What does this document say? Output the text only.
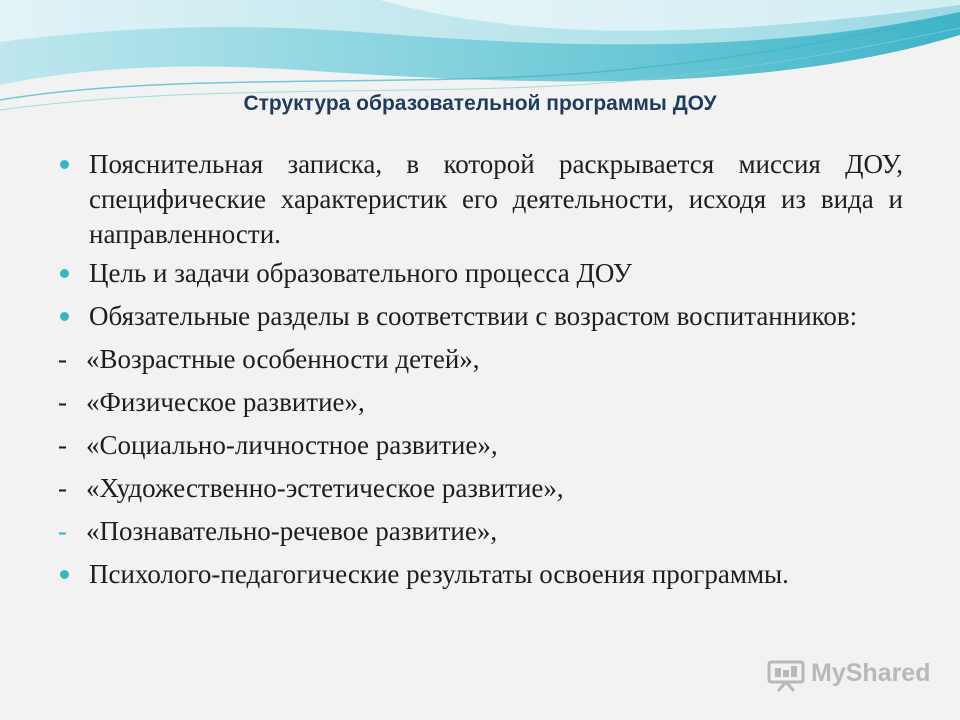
Структура образовательной программы ДОУ
Пояснительная записка, в которой раскрывается миссия ДОУ, специфические характеристик его деятельности, исходя из вида и направленности.
Цель и задачи образовательного процесса ДОУ
Обязательные разделы в соответствии с возрастом воспитанников:
- «Возрастные особенности детей»,
- «Физическое развитие»,
- «Социально-личностное развитие»,
- «Художественно-эстетическое развитие»,
- «Познавательно-речевое развитие»,
Психолого-педагогические результаты освоения программы.
MyShared
